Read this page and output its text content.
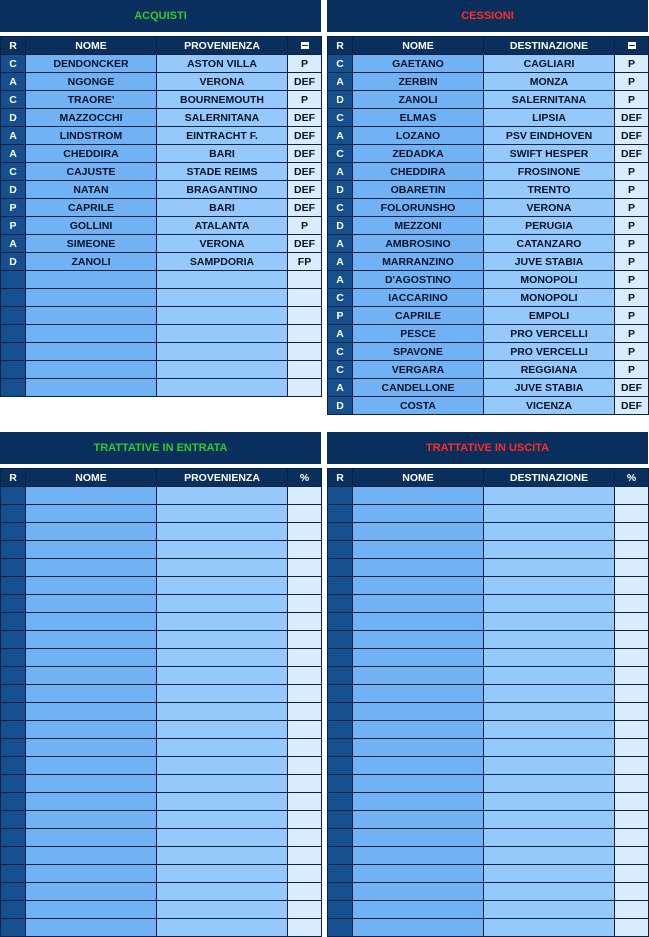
ACQUISTI
R	NOME	PROVENIENZA	
C	DENDONCKER	ASTON VILLA	P
A	NGONGE	VERONA	DEF
C	TRAORE'	BOURNEMOUTH	P
D	MAZZOCCHI	SALERNITANA	DEF
A	LINDSTROM	EINTRACHT F.	DEF
A	CHEDDIRA	BARI	DEF
C	CAJUSTE	STADE REIMS	DEF
D	NATAN	BRAGANTINO	DEF
P	CAPRILE	BARI	DEF
P	GOLLINI	ATALANTA	P
A	SIMEONE	VERONA	DEF
D	ZANOLI	SAMPDORIA	FP

CESSIONI
R	NOME	DESTINAZIONE	
C	GAETANO	CAGLIARI	P
A	ZERBIN	MONZA	P
D	ZANOLI	SALERNITANA	P
C	ELMAS	LIPSIA	DEF
A	LOZANO	PSV EINDHOVEN	DEF
C	ZEDADKA	SWIFT HESPER	DEF
A	CHEDDIRA	FROSINONE	P
D	OBARETIN	TRENTO	P
C	FOLORUNSHO	VERONA	P
D	MEZZONI	PERUGIA	P
A	AMBROSINO	CATANZARO	P
A	MARRANZINO	JUVE STABIA	P
A	D'AGOSTINO	MONOPOLI	P
C	IACCARINO	MONOPOLI	P
P	CAPRILE	EMPOLI	P
A	PESCE	PRO VERCELLI	P
C	SPAVONE	PRO VERCELLI	P
C	VERGARA	REGGIANA	P
A	CANDELLONE	JUVE STABIA	DEF
D	COSTA	VICENZA	DEF
TRATTATIVE IN ENTRATA
R	NOME	PROVENIENZA	%

TRATTATIVE IN USCITA
R	NOME	DESTINAZIONE	%
